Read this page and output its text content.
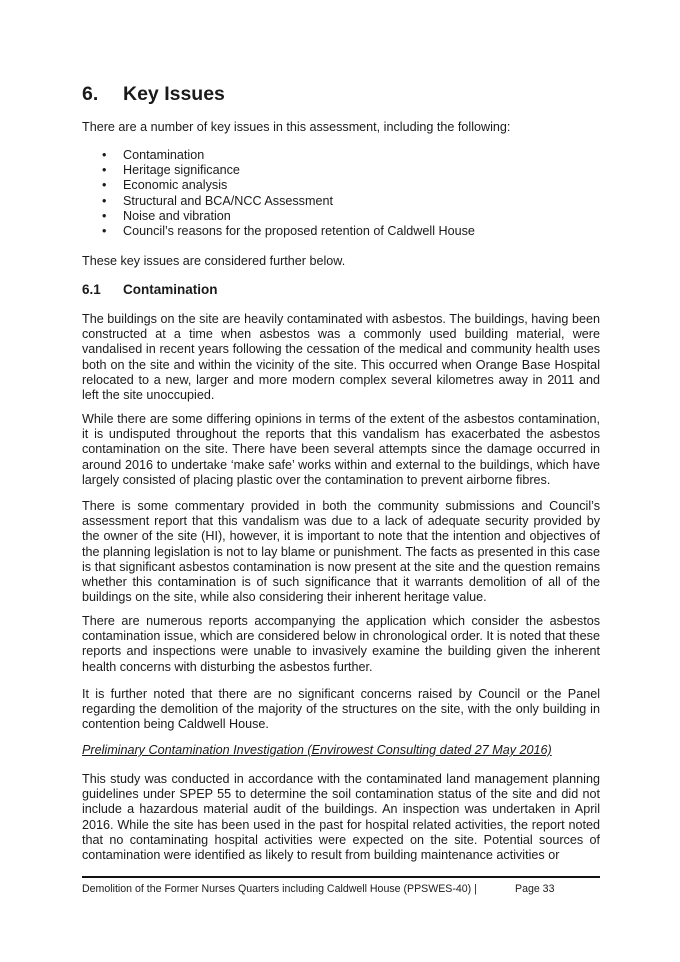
6. Key Issues

There are a number of key issues in this assessment, including the following:

• Contamination
• Heritage significance
• Economic analysis
• Structural and BCA/NCC Assessment
• Noise and vibration
• Council’s reasons for the proposed retention of Caldwell House

These key issues are considered further below.

6.1 Contamination

The buildings on the site are heavily contaminated with asbestos. The buildings, having been constructed at a time when asbestos was a commonly used building material, were vandalised in recent years following the cessation of the medical and community health uses both on the site and within the vicinity of the site. This occurred when Orange Base Hospital relocated to a new, larger and more modern complex several kilometres away in 2011 and left the site unoccupied.

While there are some differing opinions in terms of the extent of the asbestos contamination, it is undisputed throughout the reports that this vandalism has exacerbated the asbestos contamination on the site. There have been several attempts since the damage occurred in around 2016 to undertake ‘make safe’ works within and external to the buildings, which have largely consisted of placing plastic over the contamination to prevent airborne fibres.

There is some commentary provided in both the community submissions and Council’s assessment report that this vandalism was due to a lack of adequate security provided by the owner of the site (HI), however, it is important to note that the intention and objectives of the planning legislation is not to lay blame or punishment. The facts as presented in this case is that significant asbestos contamination is now present at the site and the question remains whether this contamination is of such significance that it warrants demolition of all of the buildings on the site, while also considering their inherent heritage value.

There are numerous reports accompanying the application which consider the asbestos contamination issue, which are considered below in chronological order. It is noted that these reports and inspections were unable to invasively examine the building given the inherent health concerns with disturbing the asbestos further.

It is further noted that there are no significant concerns raised by Council or the Panel regarding the demolition of the majority of the structures on the site, with the only building in contention being Caldwell House.

Preliminary Contamination Investigation (Envirowest Consulting dated 27 May 2016)

This study was conducted in accordance with the contaminated land management planning guidelines under SPEP 55 to determine the soil contamination status of the site and did not include a hazardous material audit of the buildings. An inspection was undertaken in April 2016. While the site has been used in the past for hospital related activities, the report noted that no contaminating hospital activities were expected on the site. Potential sources of contamination were identified as likely to result from building maintenance activities or

Demolition of the Former Nurses Quarters including Caldwell House (PPSWES-40) |	Page 33
